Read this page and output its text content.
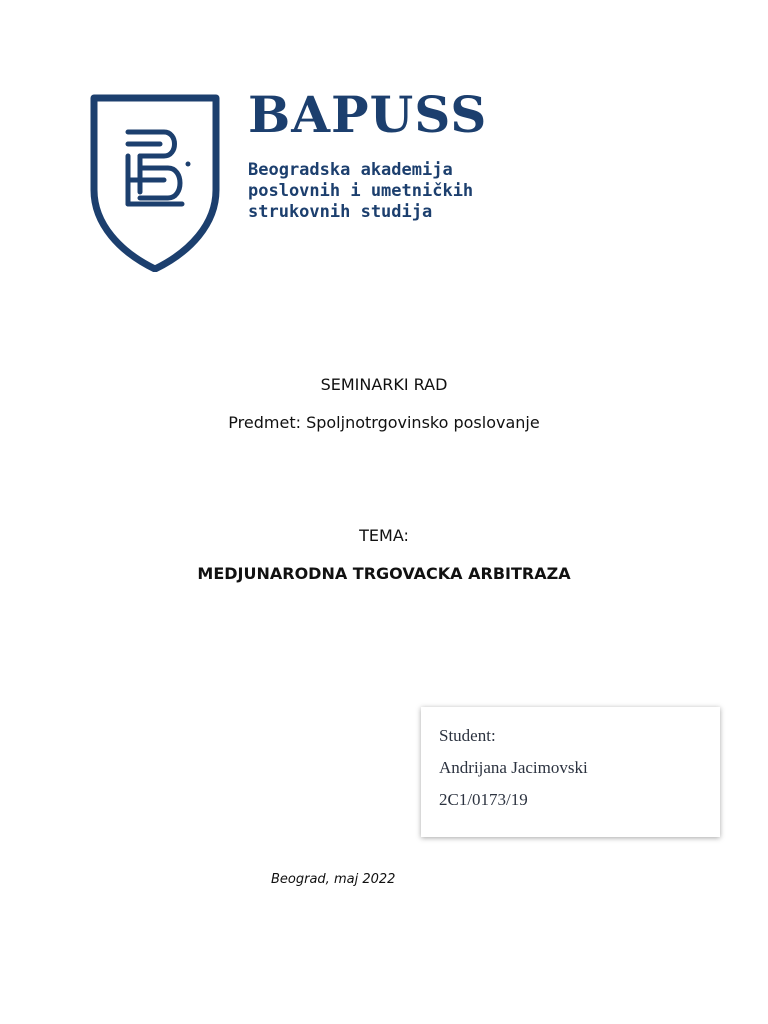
BAPUSS
Beogradska akademija
poslovnih i umetničkih
strukovnih studija
SEMINARKI RAD
Predmet: Spoljnotrgovinsko poslovanje
TEMA:
MEDJUNARODNA TRGOVACKA ARBITRAZA
Student:
Andrijana Jacimovski
2C1/0173/19
Beograd, maj 2022
